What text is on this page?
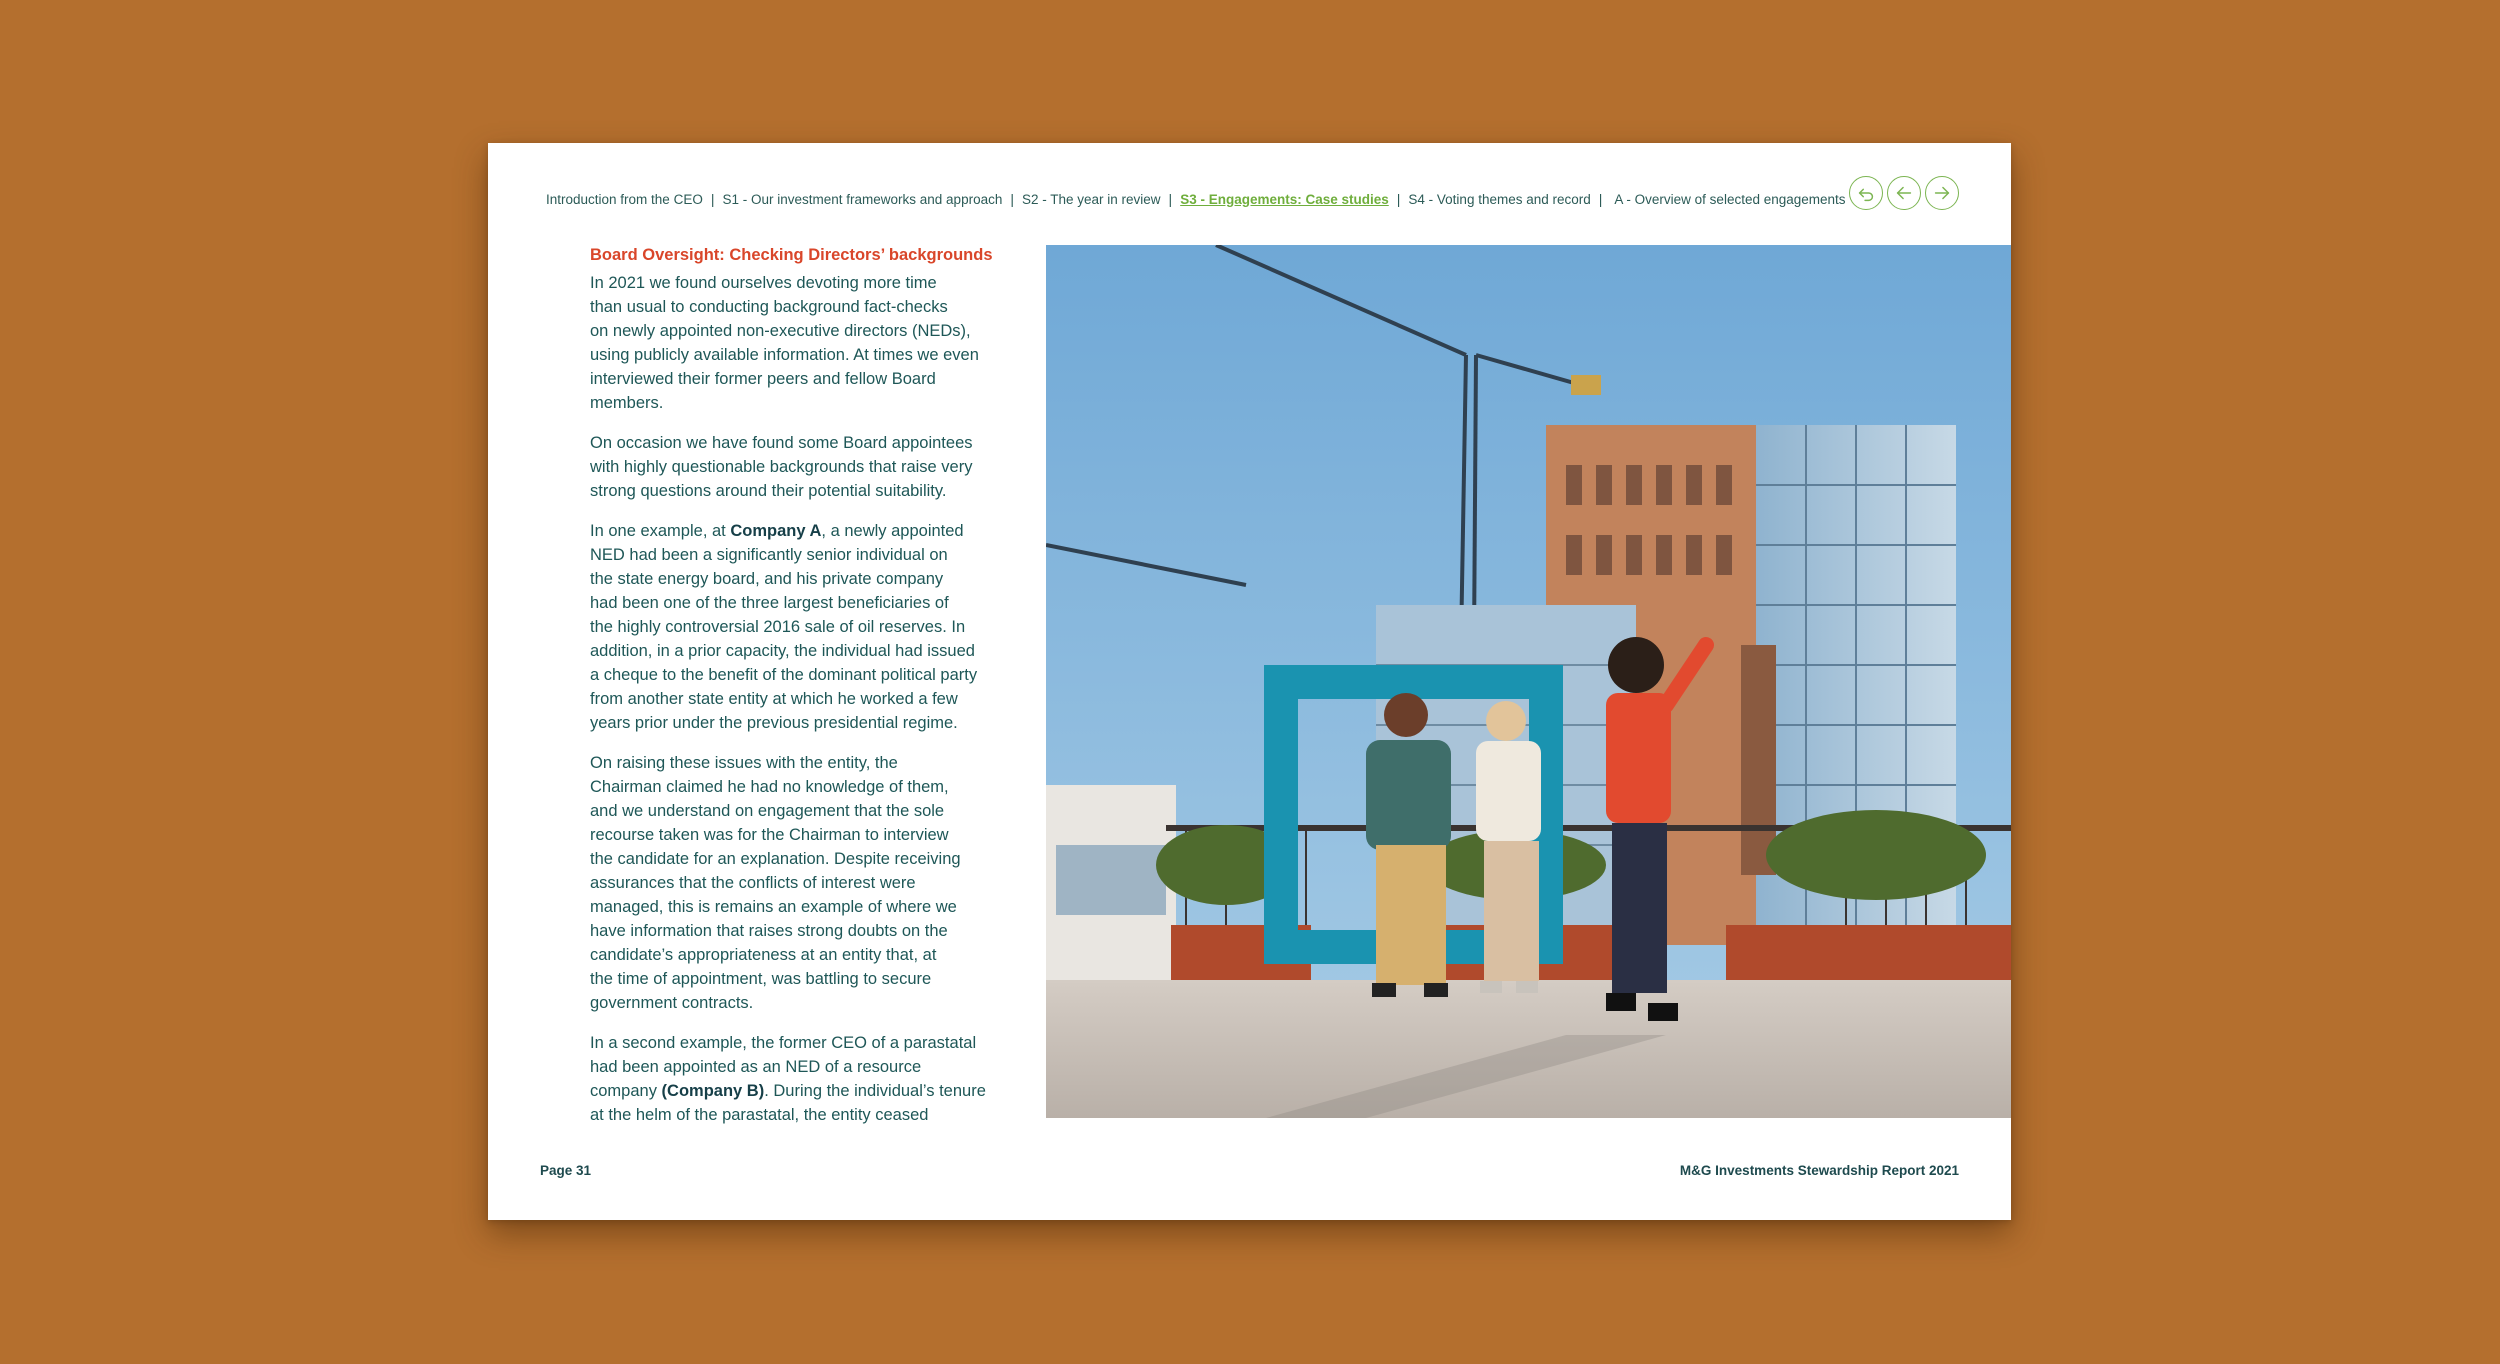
Introduction from the CEO | S1 - Our investment frameworks and approach | S2 - The year in review | S3 - Engagements: Case studies | S4 - Voting themes and record | A - Overview of selected engagements
Board Oversight: Checking Directors’ backgrounds

In 2021 we found ourselves devoting more time
than usual to conducting background fact-checks
on newly appointed non-executive directors (NEDs),
using publicly available information. At times we even
interviewed their former peers and fellow Board
members.

On occasion we have found some Board appointees
with highly questionable backgrounds that raise very
strong questions around their potential suitability.

In one example, at Company A, a newly appointed
NED had been a significantly senior individual on
the state energy board, and his private company
had been one of the three largest beneficiaries of
the highly controversial 2016 sale of oil reserves. In
addition, in a prior capacity, the individual had issued
a cheque to the benefit of the dominant political party
from another state entity at which he worked a few
years prior under the previous presidential regime.

On raising these issues with the entity, the
Chairman claimed he had no knowledge of them,
and we understand on engagement that the sole
recourse taken was for the Chairman to interview
the candidate for an explanation. Despite receiving
assurances that the conflicts of interest were
managed, this is remains an example of where we
have information that raises strong doubts on the
candidate’s appropriateness at an entity that, at
the time of appointment, was battling to secure
government contracts.

In a second example, the former CEO of a parastatal
had been appointed as an NED of a resource
company (Company B). During the individual’s tenure
at the helm of the parastatal, the entity ceased

Page 31	M&G Investments Stewardship Report 2021
